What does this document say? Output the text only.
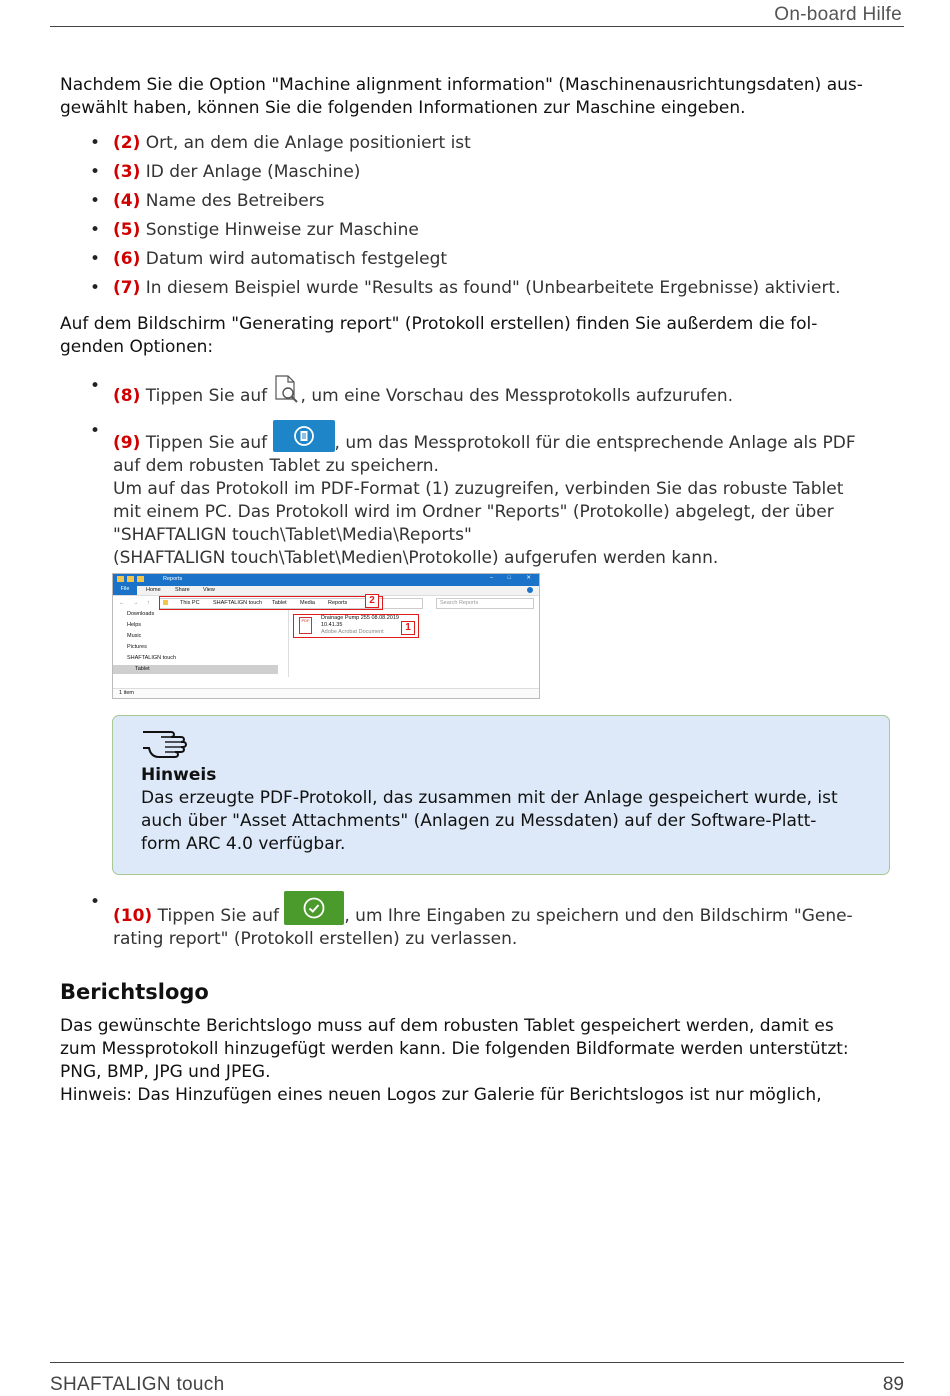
On-board Hilfe

Nachdem Sie die Option "Machine alignment information" (Maschinenausrichtungsdaten) aus-
gewählt haben, können Sie die folgenden Informationen zur Maschine eingeben.

• (2) Ort, an dem die Anlage positioniert ist
• (3) ID der Anlage (Maschine)
• (4) Name des Betreibers
• (5) Sonstige Hinweise zur Maschine
• (6) Datum wird automatisch festgelegt
• (7) In diesem Beispiel wurde "Results as found" (Unbearbeitete Ergebnisse) aktiviert.

Auf dem Bildschirm "Generating report" (Protokoll erstellen) finden Sie außerdem die fol-
genden Optionen:

• (8) Tippen Sie auf , um eine Vorschau des Messprotokolls aufzurufen.
• (9) Tippen Sie auf	, um das Messprotokoll für die entsprechende Anlage als PDF
auf dem robusten Tablet zu speichern.
Um auf das Protokoll im PDF-Format (1) zuzugreifen, verbinden Sie das robuste Tablet
mit einem PC. Das Protokoll wird im Ordner "Reports" (Protokolle) abgelegt, der über
"SHAFTALIGN touch\Tablet\Media\Reports"
(SHAFTALIGN touch\Tablet\Medien\Protokolle) aufgerufen werden kann.
Reports	–	□	✕
File	Home	Share View
← → ↑	This PC SHAFTALIGN touch Tablet Media Reports	2	Search Reports
Downloads
Helps
Music
Pictures
SHAFTALIGN touch
Tablet
PDF	Drainage Pump 255 08.08.2019
10.41.35
Adobe Acrobat Document	1
1 item
Hinweis

Das erzeugte PDF-Protokoll, das zusammen mit der Anlage gespeichert wurde, ist
auch über "Asset Attachments" (Anlagen zu Messdaten) auf der Software-Platt-
form ARC 4.0 verfügbar.

• (10) Tippen Sie auf	, um Ihre Eingaben zu speichern und den Bildschirm "Gene-
rating report" (Protokoll erstellen) zu verlassen.
Berichtslogo

Das gewünschte Berichtslogo muss auf dem robusten Tablet gespeichert werden, damit es
zum Messprotokoll hinzugefügt werden kann. Die folgenden Bildformate werden unterstützt:
PNG, BMP, JPG und JPEG.
Hinweis: Das Hinzufügen eines neuen Logos zur Galerie für Berichtslogos ist nur möglich,

SHAFTALIGN touch	89
